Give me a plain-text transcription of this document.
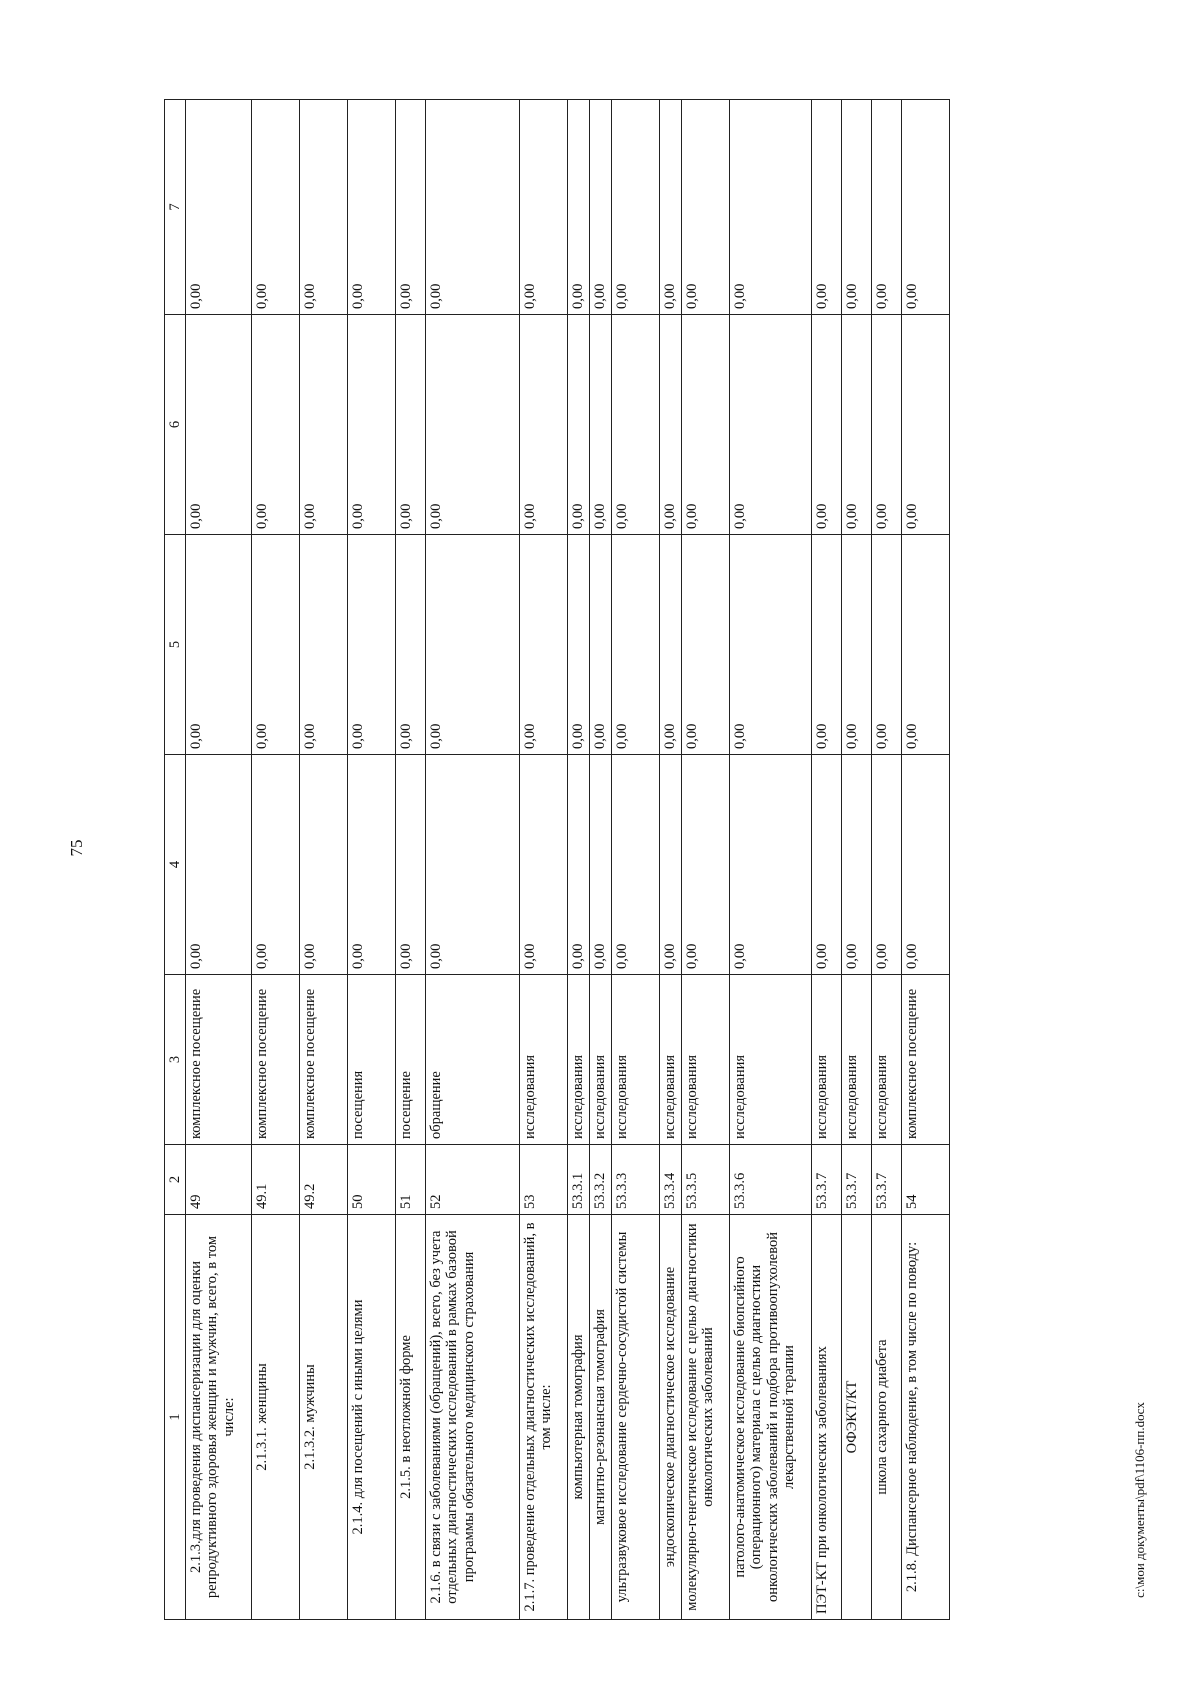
75
1	2	3	4	5	6	7
2.1.3.для проведения диспансеризации для оценки репродуктивного здоровья женщин и мужчин, всего, в том числе:	49	комплексное посещение	0,00	0,00	0,00	0,00
2.1.3.1. женщины	49.1	комплексное посещение	0,00	0,00	0,00	0,00
2.1.3.2. мужчины	49.2	комплексное посещение	0,00	0,00	0,00	0,00
2.1.4. для посещений с иными целями	50	посещения	0,00	0,00	0,00	0,00
2.1.5. в неотложной форме	51	посещение	0,00	0,00	0,00	0,00
2.1.6. в связи с заболеваниями (обращений), всего, без учета отдельных диагностических исследований в рамках базовой программы обязательного медицинского страхования	52	обращение	0,00	0,00	0,00	0,00
2.1.7. проведение отдельных диагностических исследований, в том числе:	53	исследования	0,00	0,00	0,00	0,00
компьютерная томография	53.3.1	исследования	0,00	0,00	0,00	0,00
магнитно-резонансная томография	53.3.2	исследования	0,00	0,00	0,00	0,00
ультразвуковое исследование сердечно-сосудистой системы	53.3.3	исследования	0,00	0,00	0,00	0,00
эндоскопическое диагностическое исследование	53.3.4	исследования	0,00	0,00	0,00	0,00
молекулярно-генетическое исследование с целью диагностики онкологических заболеваний	53.3.5	исследования	0,00	0,00	0,00	0,00
патолого-анатомическое исследование биопсийного (операционного) материала с целью диагностики онкологических заболеваний и подбора противоопухолевой лекарственной терапии	53.3.6	исследования	0,00	0,00	0,00	0,00
ПЭТ-КТ при онкологических заболеваниях	53.3.7	исследования	0,00	0,00	0,00	0,00
ОФЭКТ/КТ	53.3.7	исследования	0,00	0,00	0,00	0,00
школа сахарного диабета	53.3.7	исследования	0,00	0,00	0,00	0,00
2.1.8. Диспансерное наблюдение, в том числе по поводу:	54	комплексное посещение	0,00	0,00	0,00	0,00
c:\мои документы\pdf\1106-пп.docx
